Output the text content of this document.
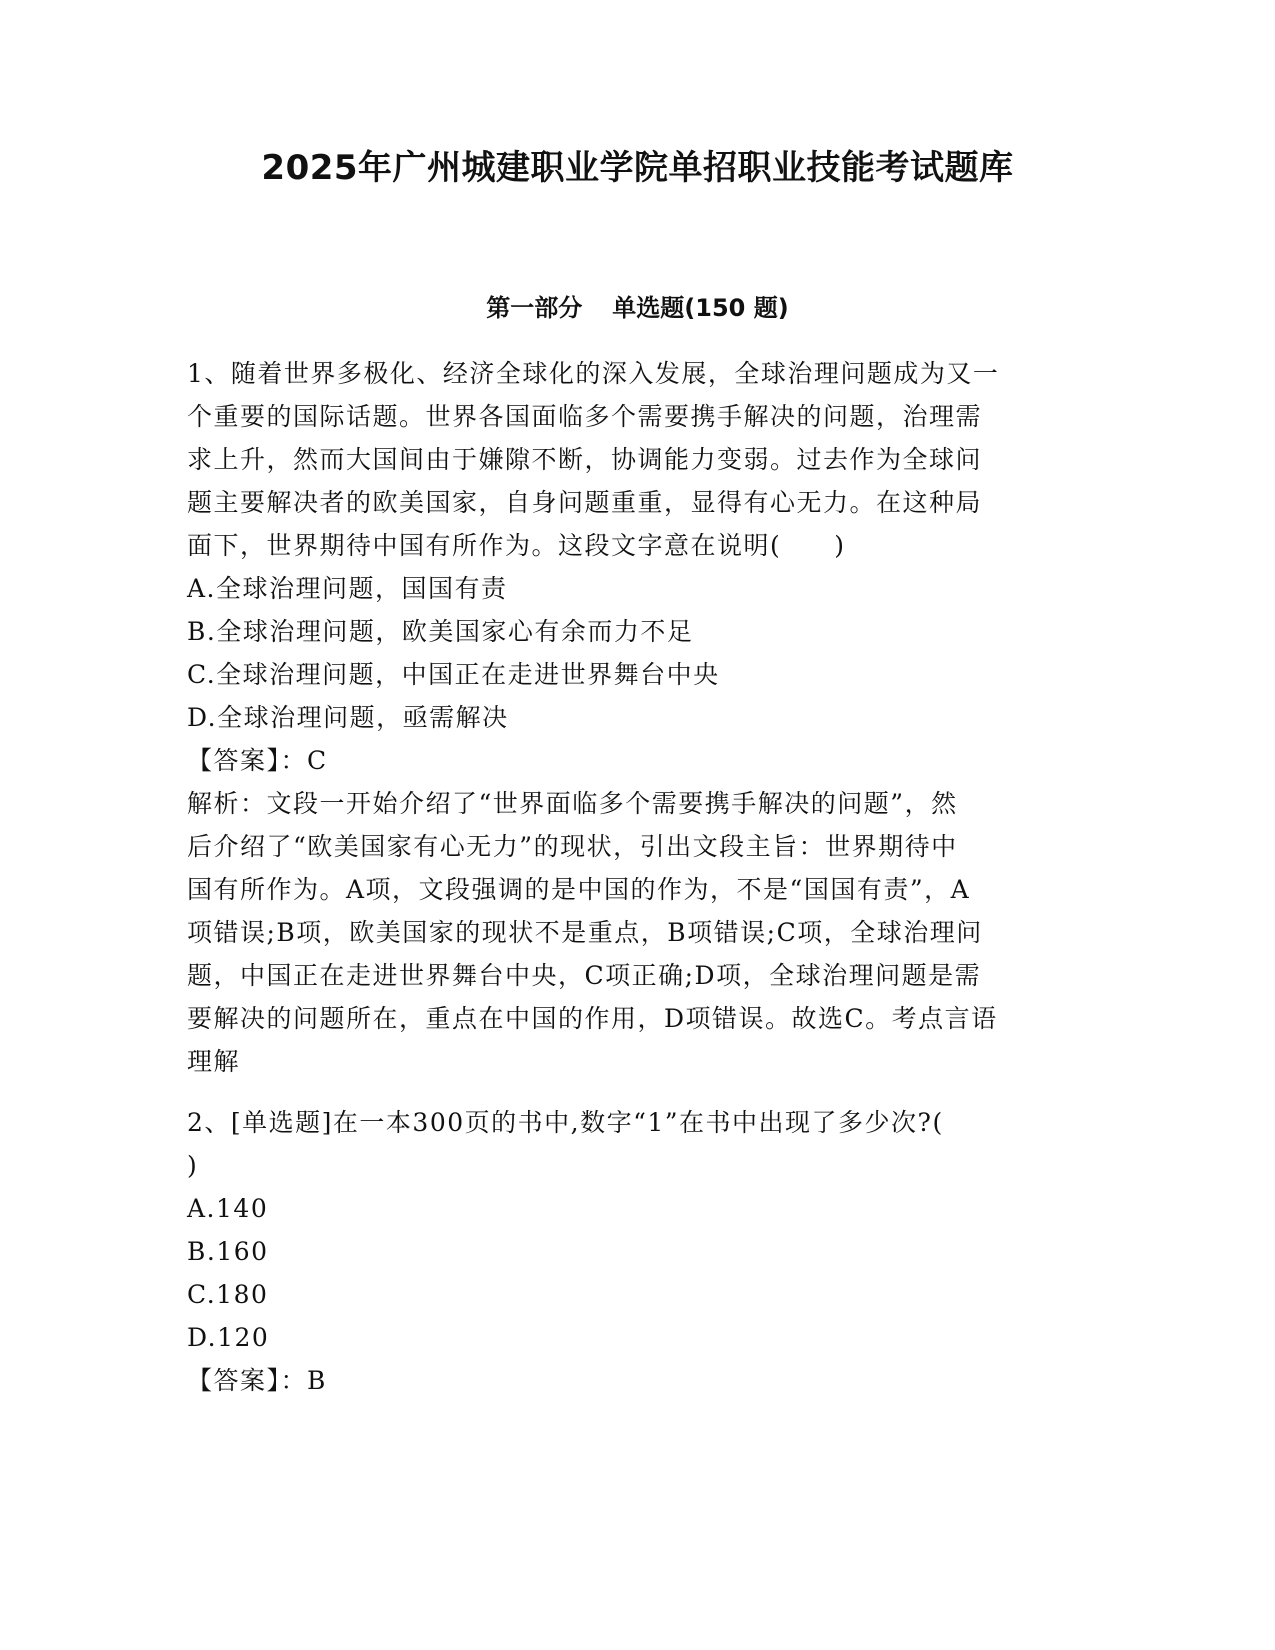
2025年广州城建职业学院单招职业技能考试题库
第一部分 单选题(150 题)
1、随着世界多极化、经济全球化的深入发展，全球治理问题成为又一
个重要的国际话题。世界各国面临多个需要携手解决的问题，治理需
求上升，然而大国间由于嫌隙不断，协调能力变弱。过去作为全球问
题主要解决者的欧美国家，自身问题重重，显得有心无力。在这种局
面下，世界期待中国有所作为。这段文字意在说明(　　)
A.全球治理问题，国国有责
B.全球治理问题，欧美国家心有余而力不足
C.全球治理问题，中国正在走进世界舞台中央
D.全球治理问题，亟需解决
【答案】：C
解析：文段一开始介绍了“世界面临多个需要携手解决的问题”，然
后介绍了“欧美国家有心无力”的现状，引出文段主旨：世界期待中
国有所作为。A项，文段强调的是中国的作为，不是“国国有责”，A
项错误;B项，欧美国家的现状不是重点，B项错误;C项，全球治理问
题，中国正在走进世界舞台中央，C项正确;D项，全球治理问题是需
要解决的问题所在，重点在中国的作用，D项错误。故选C。考点言语
理解
2、[单选题]在一本300页的书中,数字“1”在书中出现了多少次?(
)
A.140
B.160
C.180
D.120
【答案】：B
